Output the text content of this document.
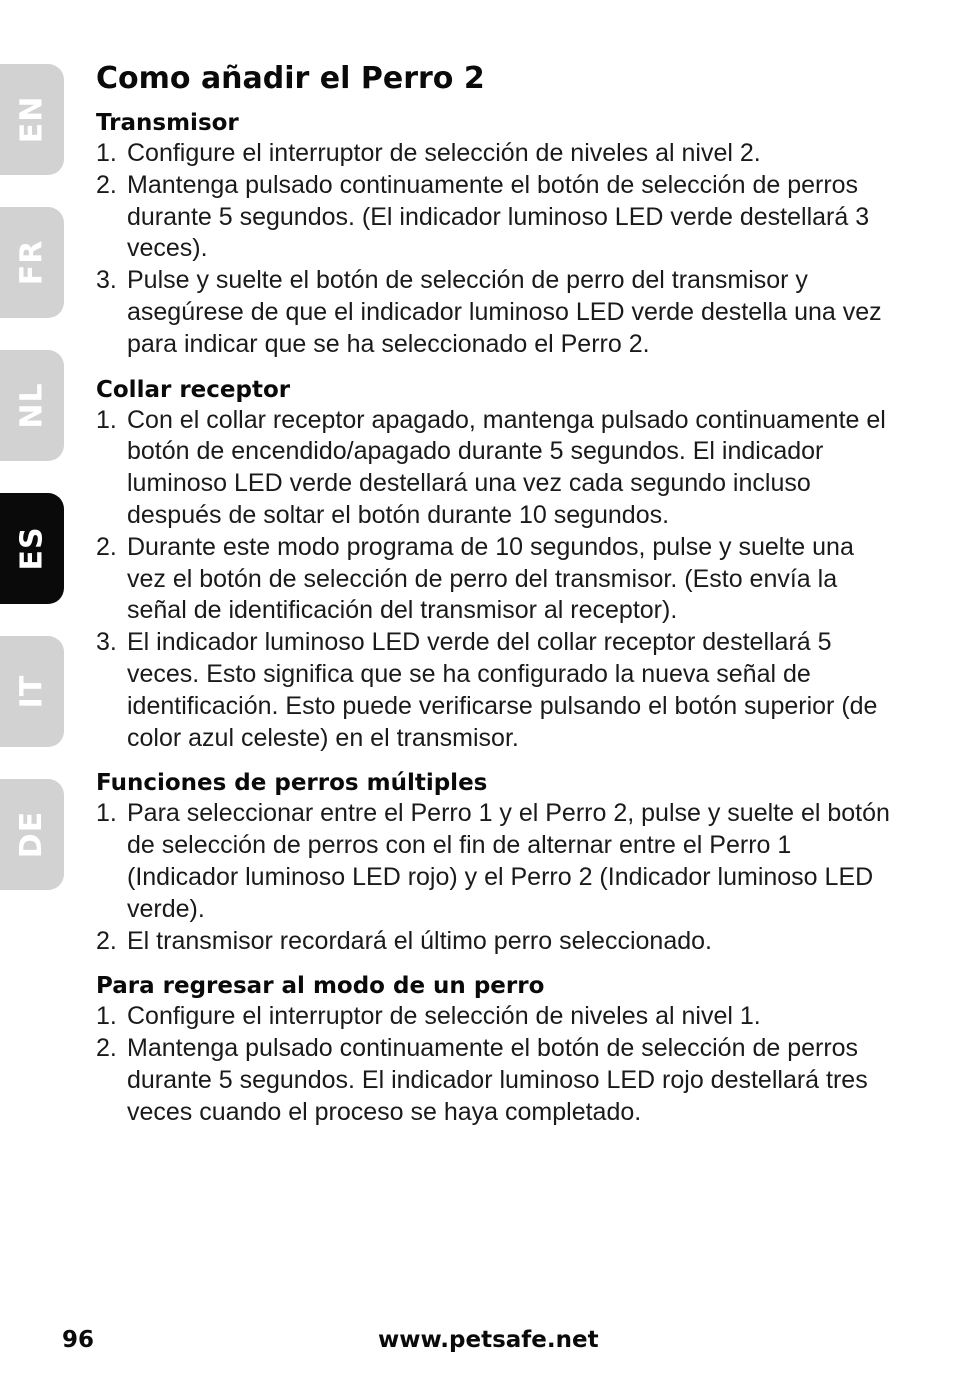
EN
FR
NL
ES
IT
DE
Como añadir el Perro 2
Transmisor
1. Configure el interruptor de selección de niveles al nivel 2.
2. Mantenga pulsado continuamente el botón de selección de perros durante 5 segundos. (El indicador luminoso LED verde destellará 3 veces).
3. Pulse y suelte el botón de selección de perro del transmisor y asegúrese de que el indicador luminoso LED verde destella una vez para indicar que se ha seleccionado el Perro 2.
Collar receptor
1. Con el collar receptor apagado, mantenga pulsado continuamente el botón de encendido/apagado durante 5 segundos. El indicador luminoso LED verde destellará una vez cada segundo incluso después de soltar el botón durante 10 segundos.
2. Durante este modo programa de 10 segundos, pulse y suelte una vez el botón de selección de perro del transmisor. (Esto envía la señal de identificación del transmisor al receptor).
3. El indicador luminoso LED verde del collar receptor destellará 5 veces. Esto significa que se ha configurado la nueva señal de identificación. Esto puede verificarse pulsando el botón superior (de color azul celeste) en el transmisor.
Funciones de perros múltiples
1. Para seleccionar entre el Perro 1 y el Perro 2, pulse y suelte el botón de selección de perros con el fin de alternar entre el Perro 1 (Indicador luminoso LED rojo) y el Perro 2 (Indicador luminoso LED verde).
2. El transmisor recordará el último perro seleccionado.
Para regresar al modo de un perro
1. Configure el interruptor de selección de niveles al nivel 1.
2. Mantenga pulsado continuamente el botón de selección de perros durante 5 segundos. El indicador luminoso LED rojo destellará tres veces cuando el proceso se haya completado.
96	www.petsafe.net
